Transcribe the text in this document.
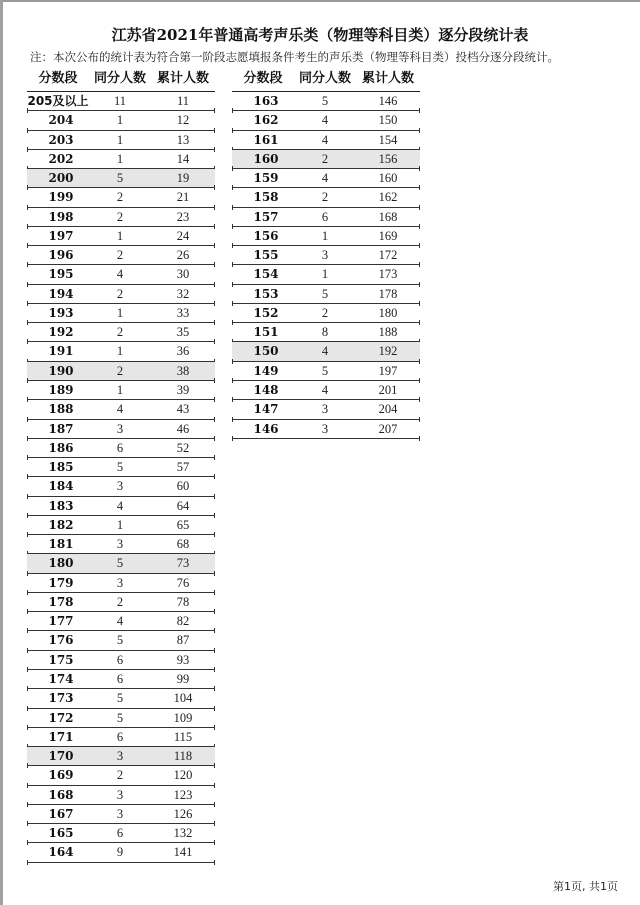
江苏省2021年普通高考声乐类（物理等科目类）逐分段统计表
注：本次公布的统计表为符合第一阶段志愿填报条件考生的声乐类（物理等科目类）投档分逐分段统计。
分数段	同分人数 累计人数
205及以上	11	11
204	1	12
203	1	13
202	1	14
200	5	19
199	2	21
198	2	23
197	1	24
196	2	26
195	4	30
194	2	32
193	1	33
192	2	35
191	1	36
190	2	38
189	1	39
188	4	43
187	3	46
186	6	52
185	5	57
184	3	60
183	4	64
182	1	65
181	3	68
180	5	73
179	3	76
178	2	78
177	4	82
176	5	87
175	6	93
174	6	99
173	5	104
172	5	109
171	6	115
170	3	118
169	2	120
168	3	123
167	3	126
165	6	132
164	9	141
分数段	同分人数 累计人数
163	5	146
162	4	150
161	4	154
160	2	156
159	4	160
158	2	162
157	6	168
156	1	169
155	3	172
154	1	173
153	5	178
152	2	180
151	8	188
150	4	192
149	5	197
148	4	201
147	3	204
146	3	207
第1页, 共1页
